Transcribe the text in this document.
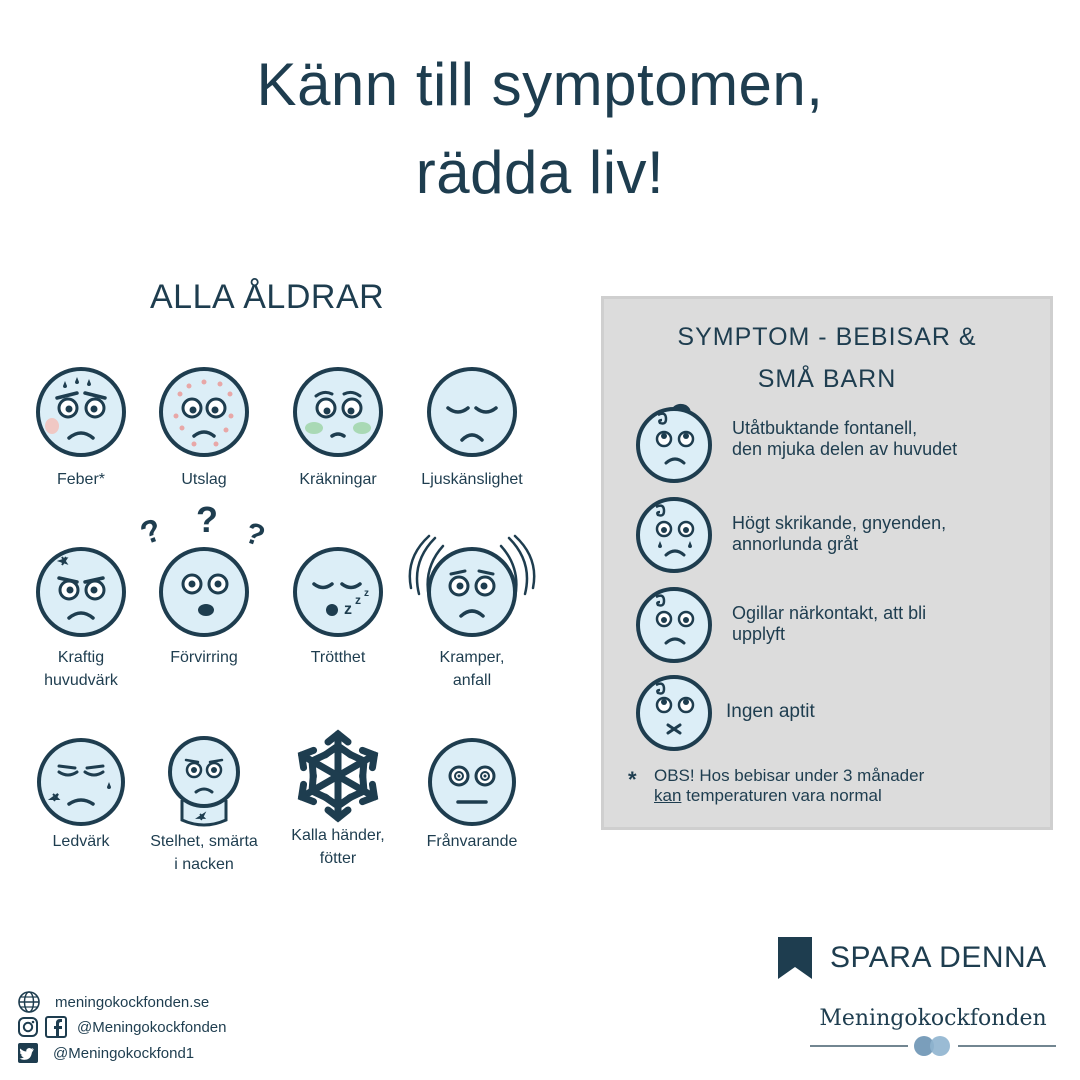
Känn till symptomen,
rädda liv!
ALLA ÅLDRAR
Feber*	Utslag	Kräkningar	Ljuskänslighet
Kraftig
huvudvärk
? ? ?
Förvirring
z
z z
Trötthet	Kramper,
anfall
Ledvärk	Stelhet, smärta
i nacken
Kalla händer,
fötter
Frånvarande
SYMPTOM - BEBISAR &
SMÅ BARN
Utåtbuktande fontanell,
den mjuka delen av huvudet
Högt skrikande, gnyenden,
annorlunda gråt
Ogillar närkontakt, att bli
upplyft
Ingen aptit
* OBS! Hos bebisar under 3 månader
kan temperaturen vara normal
meningokockfonden.se
@Meningokockfonden
@Meningokockfond1
SPARA DENNA
Meningokockfonden
